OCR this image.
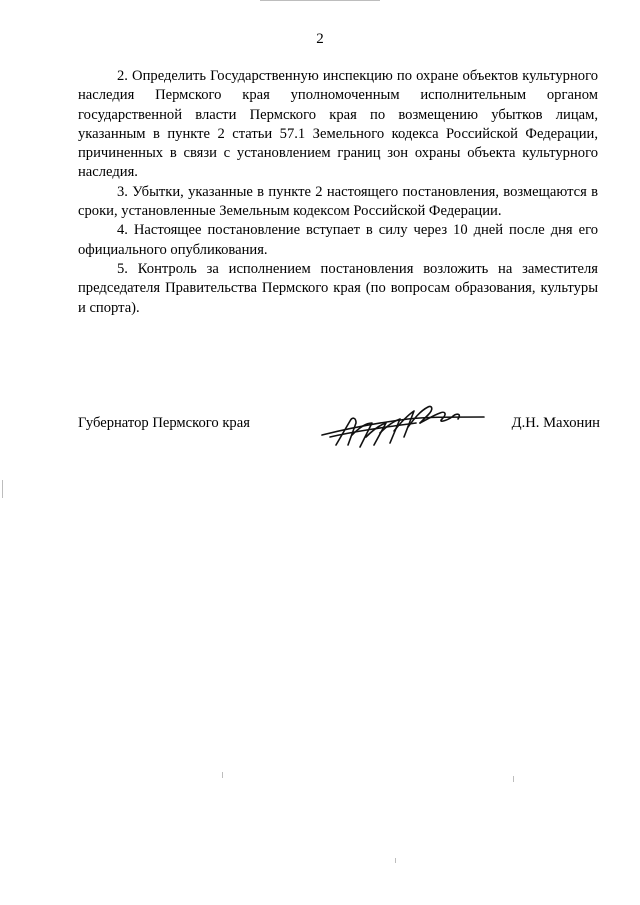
2

2. Определить Государственную инспекцию по охране объектов культурного наследия Пермского края уполномоченным исполнительным органом государственной власти Пермского края по возмещению убытков лицам, указанным в пункте 2 статьи 57.1 Земельного кодекса Российской Федерации, причиненных в связи с установлением границ зон охраны объекта культурного наследия.

3. Убытки, указанные в пункте 2 настоящего постановления, возмещаются в сроки, установленные Земельным кодексом Российской Федерации.

4. Настоящее постановление вступает в силу через 10 дней после дня его официального опубликования.

5. Контроль за исполнением постановления возложить на заместителя председателя Правительства Пермского края (по вопросам образования, культуры и спорта).

Губернатор Пермского края	Д.Н. Махонин
